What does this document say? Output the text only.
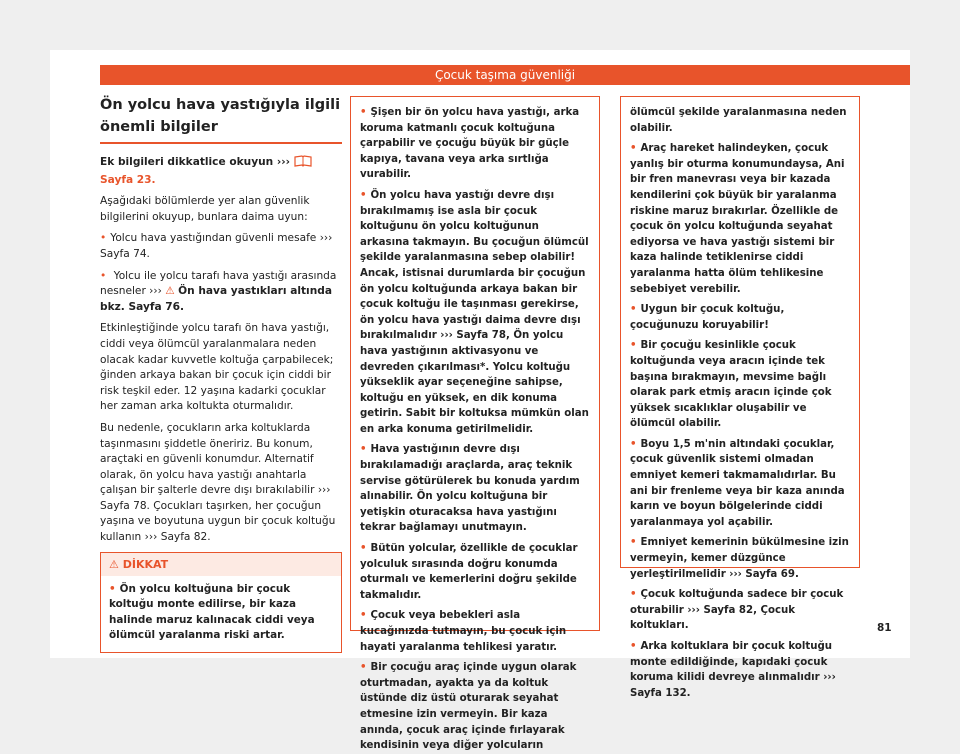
Çocuk taşıma güvenliği
Ön yolcu hava yastığıyla ilgili önemli bilgiler

Ek bilgileri dikkatlice okuyun ›››  Sayfa 23.

Aşağıdaki bölümlerde yer alan güvenlik bilgilerini okuyup, bunlara daima uyun:

• Yolcu hava yastığından güvenli mesafe ››› Sayfa 74.

• Yolcu ile yolcu tarafı hava yastığı arasında nesneler ››› ⚠ Ön hava yastıkları altında bkz. Sayfa 76.

Etkinleştiğinde yolcu tarafı ön hava yastığı, ciddi veya ölümcül yaralanmalara neden olacak kadar kuvvetle koltuğa çarpabilecek; ğinden arkaya bakan bir çocuk için ciddi bir risk teşkil eder. 12 yaşına kadarki çocuklar her zaman arka koltukta oturmalıdır.

Bu nedenle, çocukların arka koltuklarda taşınmasını şiddetle öneririz. Bu konum, araçtaki en güvenli konumdur. Alternatif olarak, ön yolcu hava yastığı anahtarla çalışan bir şalterle devre dışı bırakılabilir ››› Sayfa 78. Çocukları taşırken, her çocuğun yaşına ve boyutuna uygun bir çocuk koltuğu kullanın ››› Sayfa 82.

⚠ DİKKAT
• Ön yolcu koltuğuna bir çocuk koltuğu monte edilirse, bir kaza halinde maruz kalınacak ciddi veya ölümcül yaralanma riski artar.

• Şişen bir ön yolcu hava yastığı, arka koruma katmanlı çocuk koltuğuna çarpabilir ve çocuğu büyük bir güçle kapıya, tavana veya arka sırtlığa vurabilir.

• Ön yolcu hava yastığı devre dışı bırakılmamış ise asla bir çocuk koltuğunu ön yolcu koltuğunun arkasına takmayın. Bu çocuğun ölümcül şekilde yaralanmasına sebep olabilir! Ancak, istisnai durumlarda bir çocuğun ön yolcu koltuğunda arkaya bakan bir çocuk koltuğu ile taşınması gerekirse, ön yolcu hava yastığı daima devre dışı bırakılmalıdır ››› Sayfa 78, Ön yolcu hava yastığının aktivasyonu ve devreden çıkarılması*. Yolcu koltuğu yükseklik ayar seçeneğine sahipse, koltuğu en yüksek, en dik konuma getirin. Sabit bir koltuksa mümkün olan en arka konuma getirilmelidir.

• Hava yastığının devre dışı bırakılamadığı araçlarda, araç teknik servise götürülerek bu konuda yardım alınabilir. Ön yolcu koltuğuna bir yetişkin oturacaksa hava yastığını tekrar bağlamayı unutmayın.

• Bütün yolcular, özellikle de çocuklar yolculuk sırasında doğru konumda oturmalı ve kemerlerini doğru şekilde takmalıdır.

• Çocuk veya bebekleri asla kucağınızda tutmayın, bu çocuk için hayati yaralanma tehlikesi yaratır.

• Bir çocuğu araç içinde uygun olarak oturtmadan, ayakta ya da koltuk üstünde diz üstü oturarak seyahat etmesine izin vermeyin. Bir kaza anında, çocuk araç içinde fırlayarak kendisinin veya diğer yolcuların

ölümcül şekilde yaralanmasına neden olabilir.

• Araç hareket halindeyken, çocuk yanlış bir oturma konumundaysa, Ani bir fren manevrası veya bir kazada kendilerini çok büyük bir yaralanma riskine maruz bırakırlar. Özellikle de çocuk ön yolcu koltuğunda seyahat ediyorsa ve hava yastığı sistemi bir kaza halinde tetiklenirse ciddi yaralanma hatta ölüm tehlikesine sebebiyet verebilir.

• Uygun bir çocuk koltuğu, çocuğunuzu koruyabilir!

• Bir çocuğu kesinlikle çocuk koltuğunda veya aracın içinde tek başına bırakmayın, mevsime bağlı olarak park etmiş aracın içinde çok yüksek sıcaklıklar oluşabilir ve ölümcül olabilir.

• Boyu 1,5 m'nin altındaki çocuklar, çocuk güvenlik sistemi olmadan emniyet kemeri takmamalıdırlar. Bu ani bir frenleme veya bir kaza anında karın ve boyun bölgelerinde ciddi yaralanmaya yol açabilir.

• Emniyet kemerinin bükülmesine izin vermeyin, kemer düzgünce yerleştirilmelidir ››› Sayfa 69.

• Çocuk koltuğunda sadece bir çocuk oturabilir ››› Sayfa 82, Çocuk koltukları.

• Arka koltuklara bir çocuk koltuğu monte edildiğinde, kapıdaki çocuk koruma kilidi devreye alınmalıdır ››› Sayfa 132.

81
